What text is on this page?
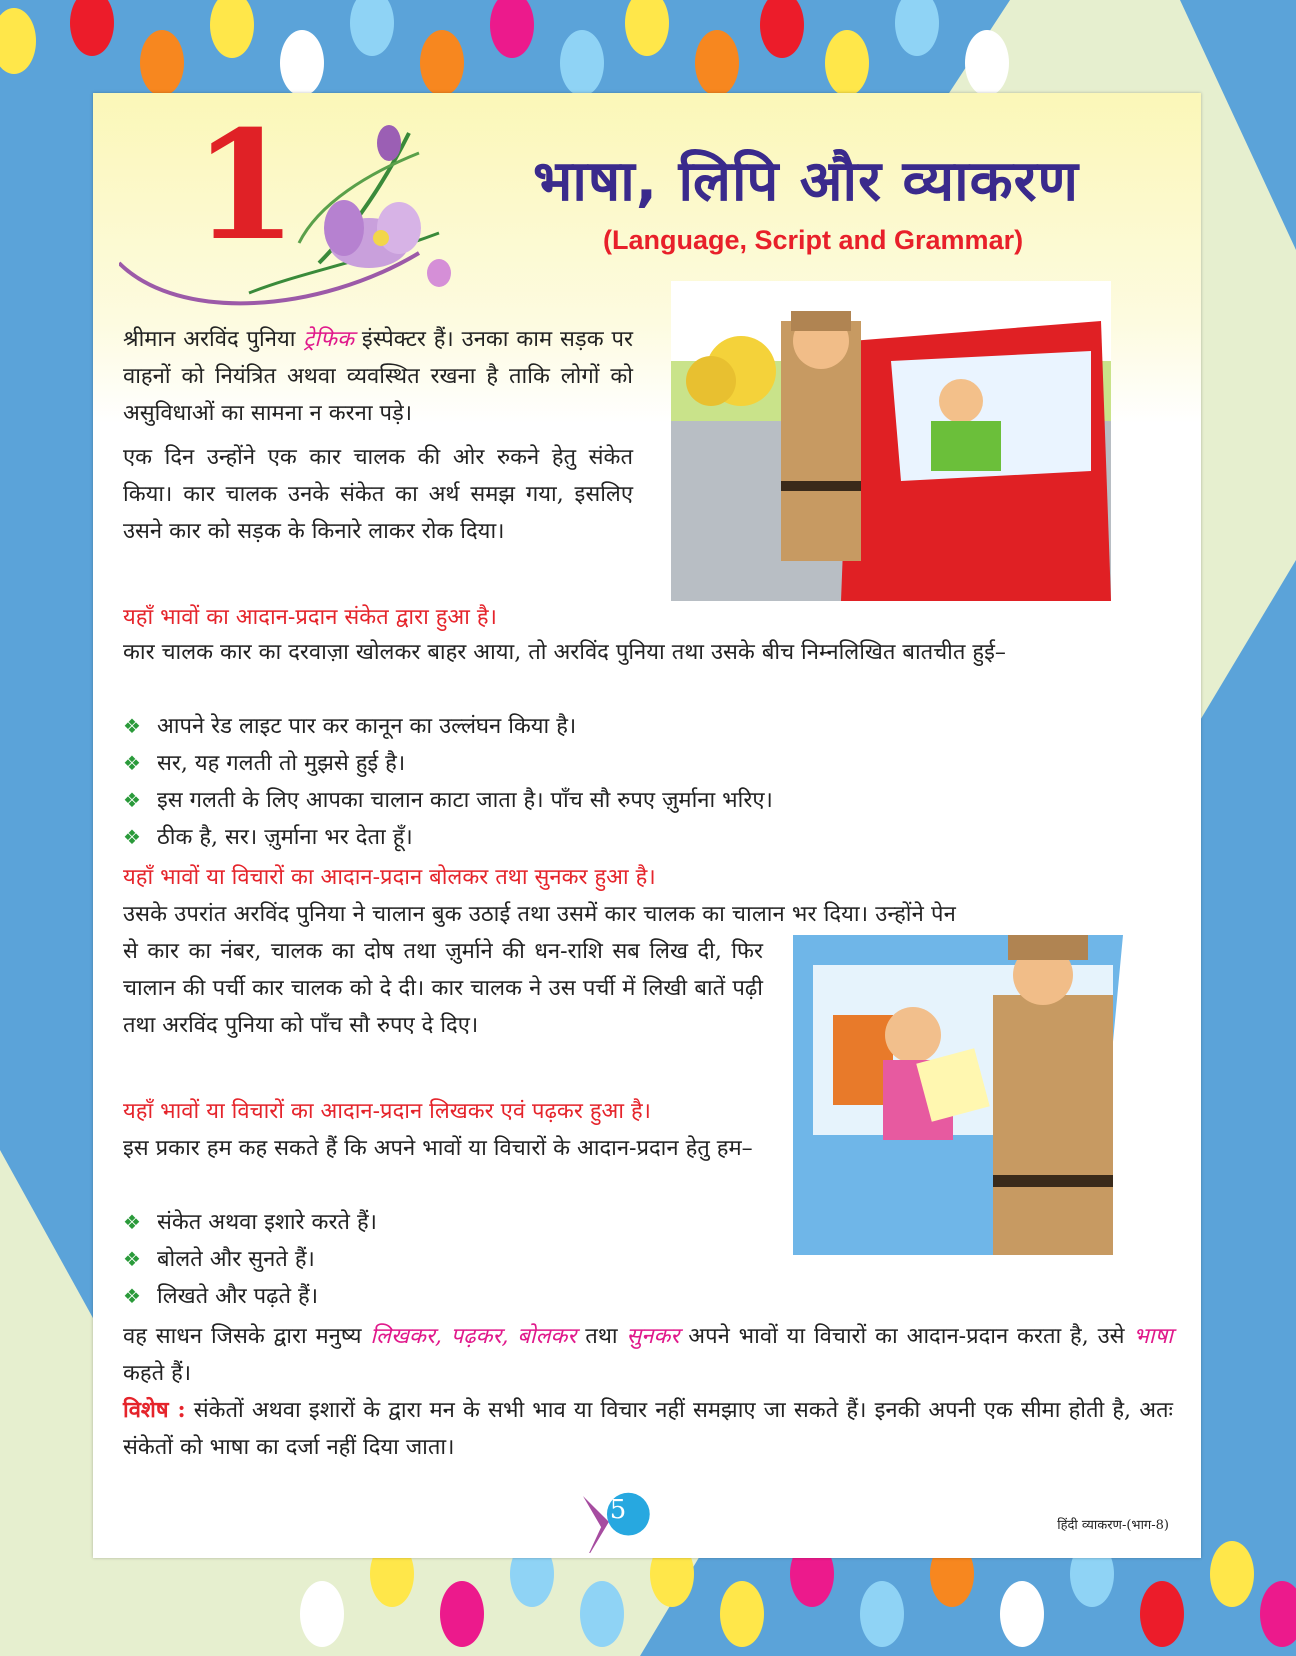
1	भाषा, लिपि और व्याकरण
(Language, Script and Grammar)
श्रीमान अरविंद पुनिया ट्रेफिक इंस्पेक्टर हैं। उनका काम सड़क पर वाहनों को नियंत्रित अथवा व्यवस्थित रखना है ताकि लोगों को असुविधाओं का सामना न करना पड़े।
एक दिन उन्होंने एक कार चालक की ओर रुकने हेतु संकेत किया। कार चालक उनके संकेत का अर्थ समझ गया, इसलिए उसने कार को सड़क के किनारे लाकर रोक दिया।
यहाँ भावों का आदान-प्रदान संकेत द्वारा हुआ है।
कार चालक कार का दरवाज़ा खोलकर बाहर आया, तो अरविंद पुनिया तथा उसके बीच निम्नलिखित बातचीत हुई–
❖ आपने रेड लाइट पार कर कानून का उल्लंघन किया है।
❖ सर, यह गलती तो मुझसे हुई है।
❖ इस गलती के लिए आपका चालान काटा जाता है। पाँच सौ रुपए ज़ुर्माना भरिए।
❖ ठीक है, सर। ज़ुर्माना भर देता हूँ।
यहाँ भावों या विचारों का आदान-प्रदान बोलकर तथा सुनकर हुआ है।
उसके उपरांत अरविंद पुनिया ने चालान बुक उठाई तथा उसमें कार चालक का चालान भर दिया। उन्होंने पेन
से कार का नंबर, चालक का दोष तथा ज़ुर्माने की धन-राशि सब लिख दी, फिर चालान की पर्ची कार चालक को दे दी। कार चालक ने उस पर्ची में लिखी बातें पढ़ी तथा अरविंद पुनिया को पाँच सौ रुपए दे दिए।
यहाँ भावों या विचारों का आदान-प्रदान लिखकर एवं पढ़कर हुआ है।
इस प्रकार हम कह सकते हैं कि अपने भावों या विचारों के आदान-प्रदान हेतु हम–
❖ संकेत अथवा इशारे करते हैं।
❖ बोलते और सुनते हैं।
❖ लिखते और पढ़ते हैं।
वह साधन जिसके द्वारा मनुष्य लिखकर, पढ़कर, बोलकर तथा सुनकर अपने भावों या विचारों का आदान-प्रदान करता है, उसे भाषा कहते हैं।
विशेष : संकेतों अथवा इशारों के द्वारा मन के सभी भाव या विचार नहीं समझाए जा सकते हैं। इनकी अपनी एक सीमा होती है, अतः संकेतों को भाषा का दर्जा नहीं दिया जाता।
5
हिंदी व्याकरण-(भाग-8)
